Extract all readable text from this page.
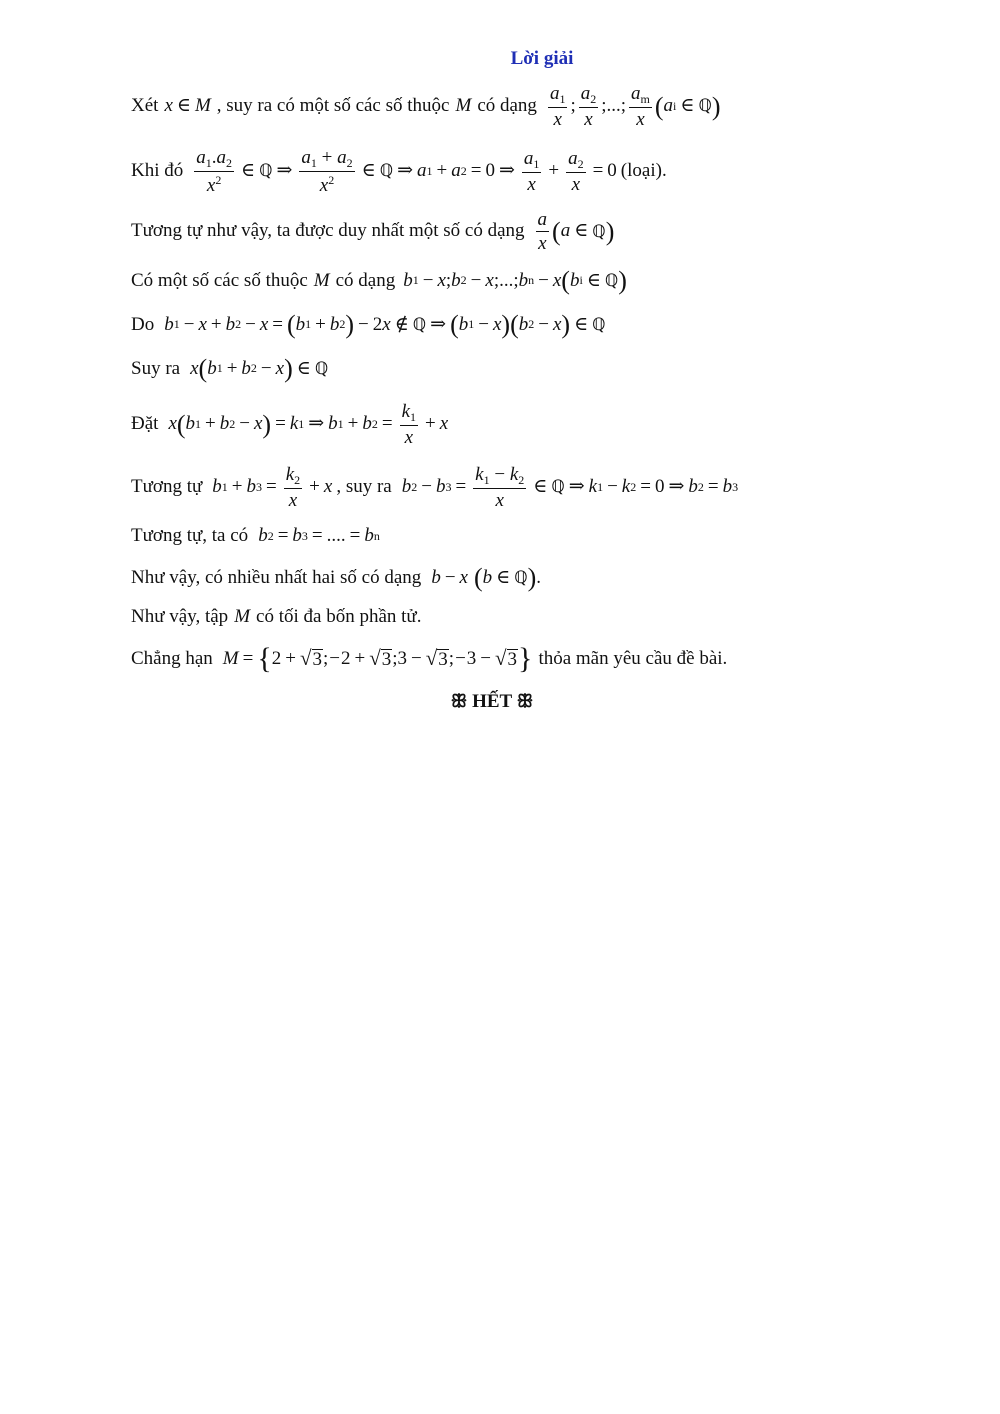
Lời giải
Xét x ∈ M , suy ra có một số các số thuộc M có dạng $\frac{a_1}{x}$ ; $\frac{a_2}{x}$ ;...; $\frac{a_m}{x}$ ( a i ∈ ℚ )
Khi đó $\frac{a_1.a_2}{x^2}$ ∈ ℚ ⇒ $\frac{a_1 + a_2}{x^2}$ ∈ ℚ ⇒ a 1 + a 2 = 0 ⇒ $\frac{a_1}{x} + \frac{a_2}{x} = 0$ (loại).
Tương tự như vậy, ta được duy nhất một số có dạng $\frac{a}{x}$ ( a ∈ ℚ )
Có một số các số thuộc M có dạng b 1 − x ; b 2 − x ;...; b n − x ( b i ∈ ℚ )
Do b 1 − x + b 2 − x = ( b 1 + b 2 ) − 2 x ∉ ℚ ⇒ ( b 1 − x ) ( b 2 − x ) ∈ ℚ
Suy ra x ( b 1 + b 2 − x ) ∈ ℚ
Đặt x ( b 1 + b 2 − x ) = k 1 ⇒ b 1 + b $2 = \frac{k_1}{x} + x$
Tương tự b 1 + b $3 = \frac{k_2}{x} + x$ , suy ra b 2 − b $3 = \frac{k_1 - k_2}{x}$ ∈ ℚ ⇒ k 1 − k 2 = 0 ⇒ b 2 = b 3
Tương tự, ta có b 2 = b 3 = .... = b n
Như vậy, có nhiều nhất hai số có dạng b − x ( b ∈ ℚ ) .
Như vậy, tập M có tối đa bốn phần tử.
Chẳng hạn M = { 2 + √ 3 ; − 2 + √ 3 ;3 − √ 3 ; − 3 − √ 3 } thỏa mãn yêu cầu đề bài.
ꕥ HẾT ꕥ
